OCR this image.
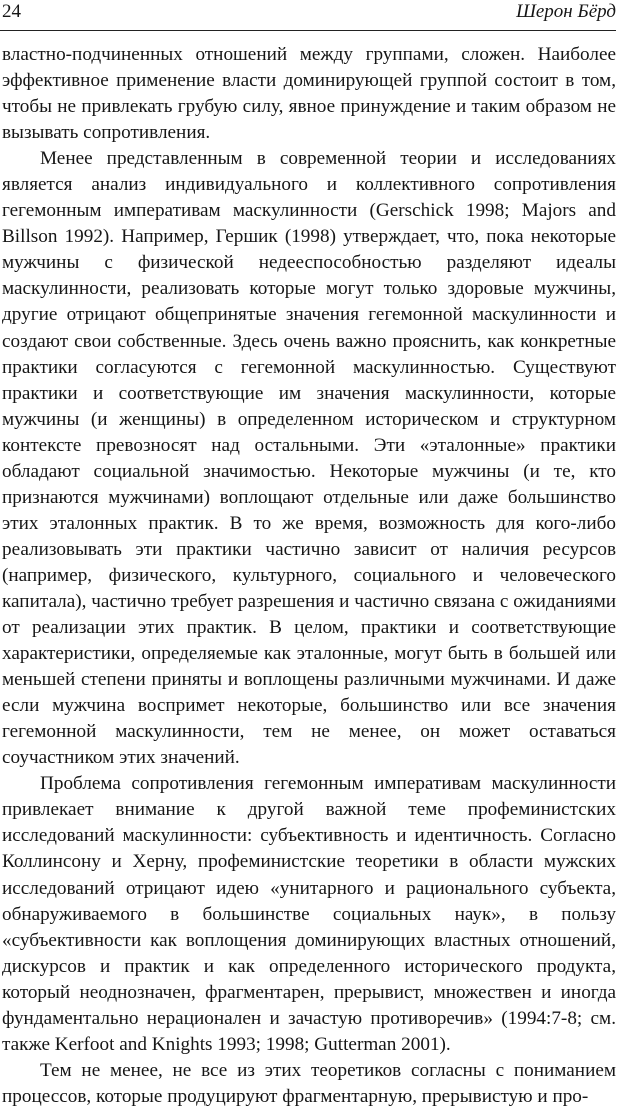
24	Шерон Бёрд

властно-подчиненных отношений между группами, сложен. Наиболее эффективное применение власти доминирующей группой состоит в том, чтобы не привлекать грубую силу, явное принуждение и таким образом не вызывать сопротивления.

Менее представленным в современной теории и исследованиях является анализ индивидуального и коллективного сопротивления гегемонным императивам маскулинности (Gerschick 1998; Majors and Billson 1992). Например, Гершик (1998) утверждает, что, пока некоторые мужчины с физической недееспособностью разделяют идеалы маскулинности, реализовать которые могут только здоровые мужчины, другие отрицают общепринятые значения гегемонной маскулинности и создают свои собственные. Здесь очень важно прояснить, как конкретные практики согласуются с гегемонной маскулинностью. Существуют практики и соответствующие им значения маскулинности, которые мужчины (и женщины) в определенном историческом и структурном контексте превозносят над остальными. Эти «эталонные» практики обладают социальной значимостью. Некоторые мужчины (и те, кто признаются мужчинами) воплощают отдельные или даже большинство этих эталонных практик. В то же время, возможность для кого-либо реализовывать эти практики частично зависит от наличия ресурсов (например, физического, культурного, социального и человеческого капитала), частично требует разрешения и частично связана с ожиданиями от реализации этих практик. В целом, практики и соответствующие характеристики, определяемые как эталонные, могут быть в большей или меньшей степени приняты и воплощены различными мужчинами. И даже если мужчина воспримет некоторые, большинство или все значения гегемонной маскулинности, тем не менее, он может оставаться соучастником этих значений.

Проблема сопротивления гегемонным императивам маскулинности привлекает внимание к другой важной теме профеминистских исследований маскулинности: субъективность и идентичность. Согласно Коллинсону и Херну, профеминистские теоретики в области мужских исследований отрицают идею «унитарного и рационального субъекта, обнаруживаемого в большинстве социальных наук», в пользу «субъективности как воплощения доминирующих властных отношений, дискурсов и практик и как определенного исторического продукта, который неоднозначен, фрагментарен, прерывист, множествен и иногда фундаментально нерационален и зачастую противоречив» (1994:7-8; см. также Kerfoot and Knights 1993; 1998; Gutterman 2001).

Тем не менее, не все из этих теоретиков согласны с пониманием процессов, которые продуцируют фрагментарную, прерывистую и про-
